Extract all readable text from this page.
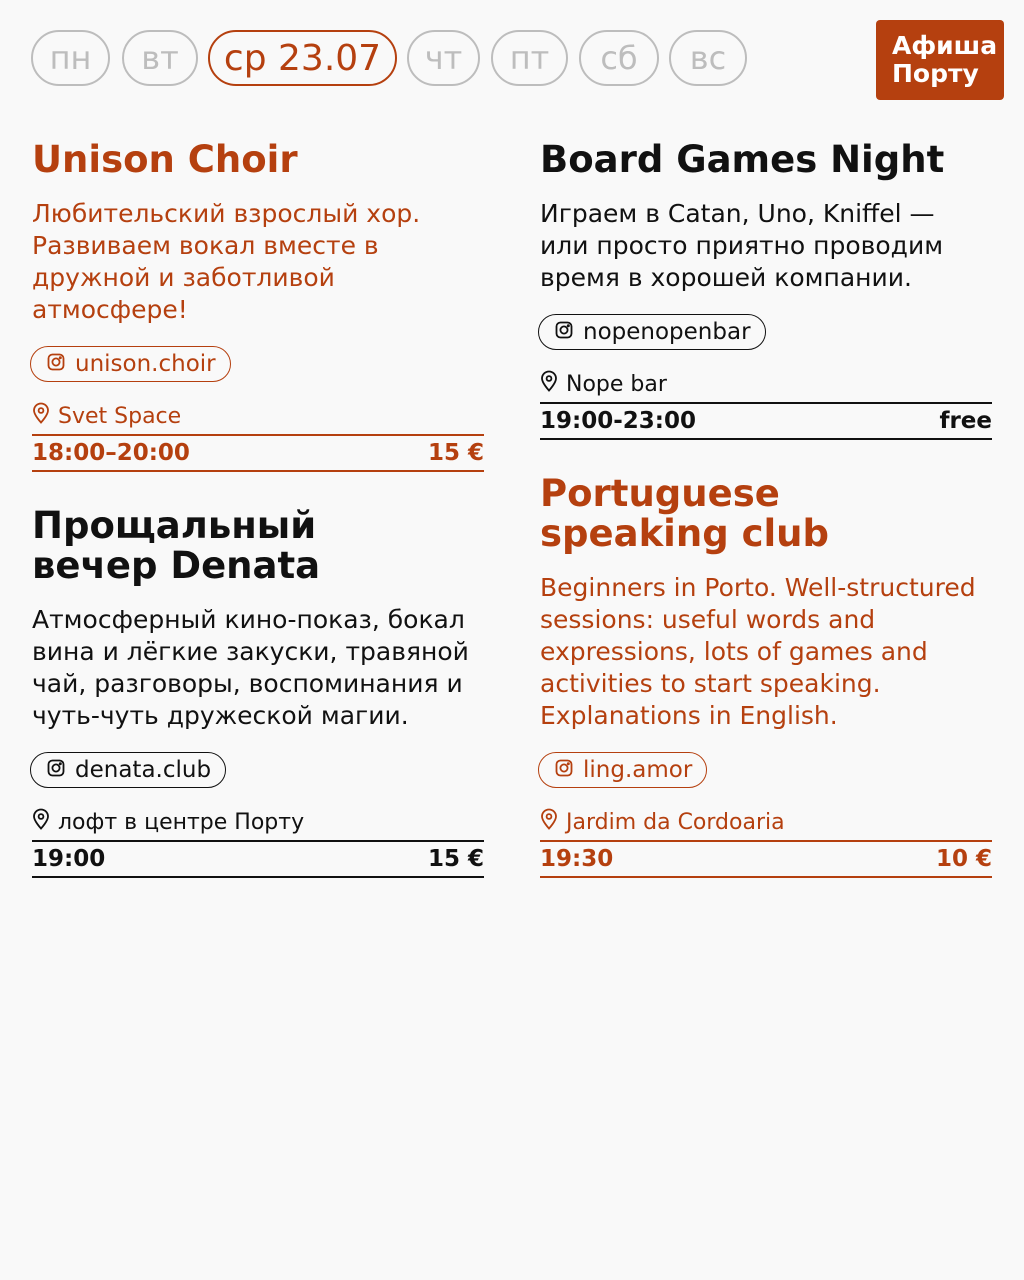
пн	вт	ср 23.07	чт	пт	сб	вс	Афиша
Порту
Unison Choir
Любительский взрослый хор. Развиваем вокал вместе в дружной и заботливой атмосфере!
unison.choir
Svet Space
18:00–20:00	15 €
Прощальный вечер Denata
Атмосферный кино-показ, бокал вина и лёгкие закуски, травяной чай, разговоры, воспоминания и чуть-чуть дружеской магии.
denata.club
лофт в центре Порту
19:00	15 €
Board Games Night
Играем в Catan, Uno, Kniffel — или просто приятно проводим время в хорошей компании.
nopenopenbar
Nope bar
19:00-23:00	free
Portuguese speaking club
Beginners in Porto. Well-structured sessions: useful words and expressions, lots of games and activities to start speaking. Explanations in English.
ling.amor
Jardim da Cordoaria
19:30	10 €
